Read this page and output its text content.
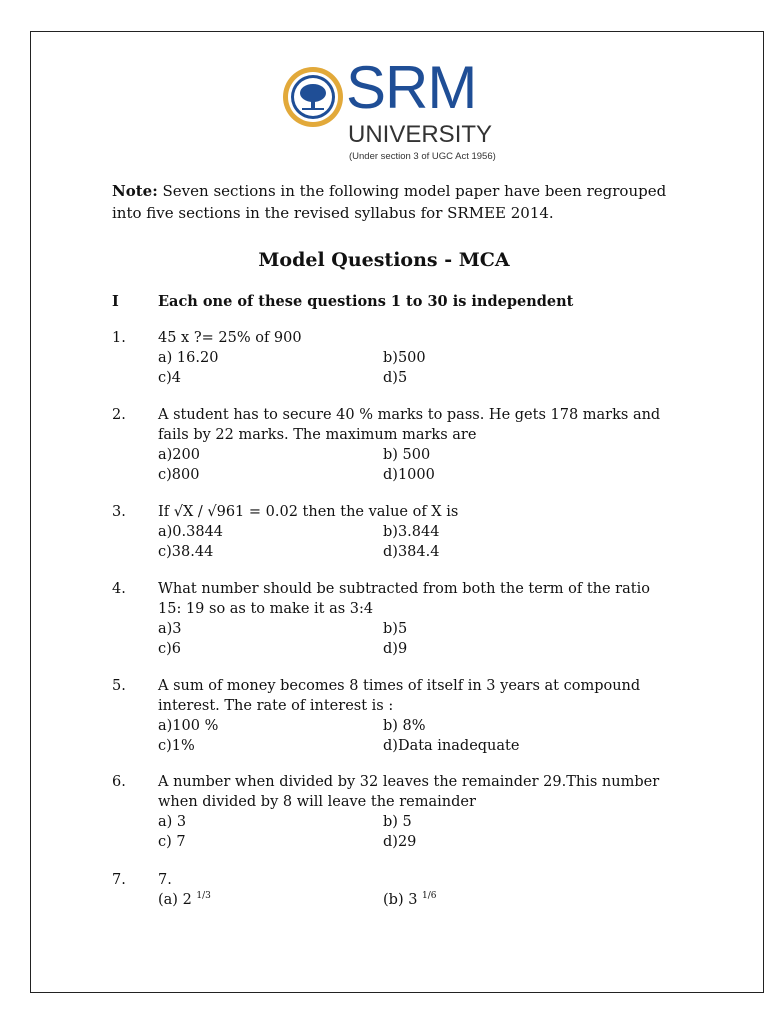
SRM
UNIVERSITY
(Under section 3 of UGC Act 1956)
Note: Seven sections in the following model paper have been regrouped into five sections in the revised syllabus for SRMEE 2014.
Model Questions - MCA
I	Each one of these questions 1 to 30 is independent
1. 45 x ?= 25% of 900
a) 16.20	b)500
c)4	d)5
2. A student has to secure 40 % marks to pass. He gets 178 marks and fails by 22 marks. The maximum marks are
a)200	b) 500
c)800	d)1000
3. If √X / √961 = 0.02 then the value of X is
a)0.3844	b)3.844
c)38.44	d)384.4
4. What number should be subtracted from both the term of the ratio 15: 19 so as to make it as 3:4
a)3	b)5
c)6	d)9
5. A sum of money becomes 8 times of itself in 3 years at compound interest. The rate of interest is :
a)100 %	b) 8%
c)1%	d)Data inadequate
6. A number when divided by 32 leaves the remainder 29.This number when divided by 8 will leave the remainder
a) 3	b) 5
c) 7	d)29
7. 7.
(a) 2 $^{1/3}$	(b) 3 $^{1/6}$
